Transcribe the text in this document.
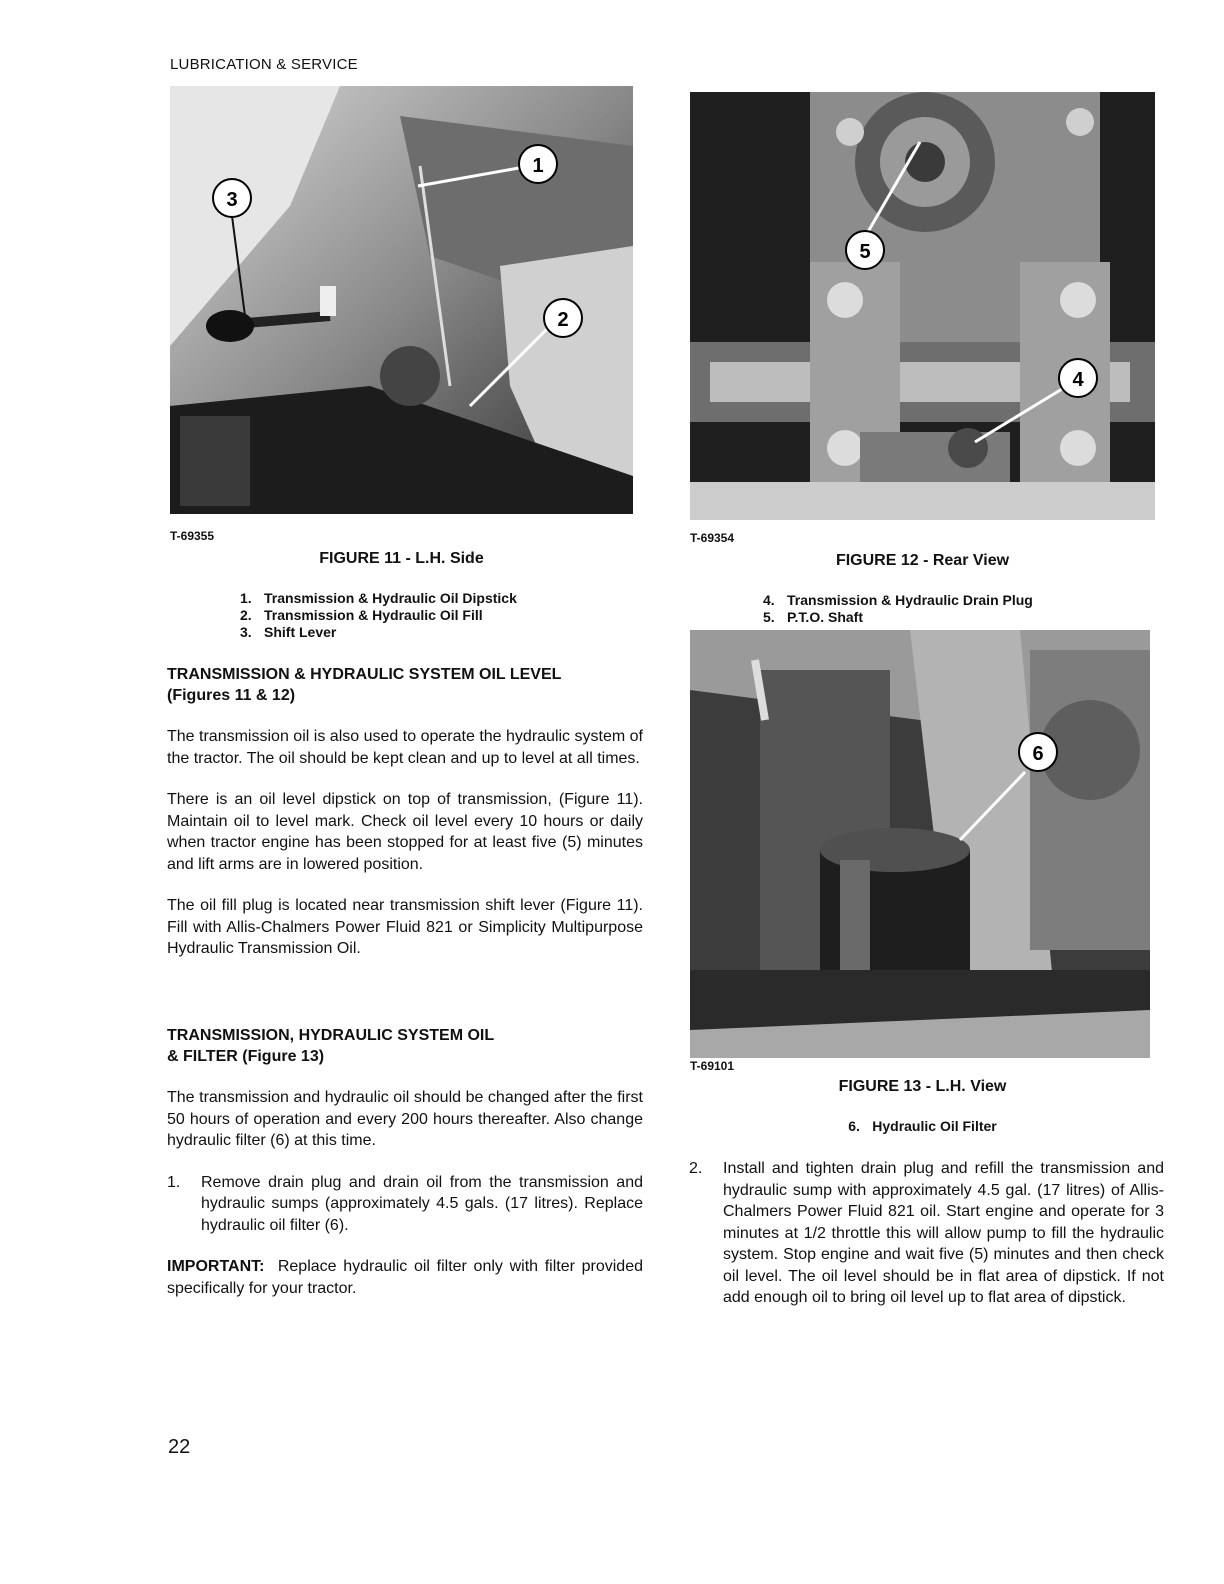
LUBRICATION & SERVICE
1
2
3
T-69355
FIGURE 11 - L.H. Side
1. Transmission & Hydraulic Oil Dipstick
2. Transmission & Hydraulic Oil Fill
3. Shift Lever
TRANSMISSION & HYDRAULIC SYSTEM OIL LEVEL
(Figures 11 & 12)

The transmission oil is also used to operate the hydraulic system of the tractor. The oil should be kept clean and up to level at all times.

There is an oil level dipstick on top of transmission, (Figure 11). Maintain oil to level mark. Check oil level every 10 hours or daily when tractor engine has been stopped for at least five (5) minutes and lift arms are in lowered position.

The oil fill plug is located near transmission shift lever (Figure 11). Fill with Allis-Chalmers Power Fluid 821 or Simplicity Multipurpose Hydraulic Transmission Oil.

TRANSMISSION, HYDRAULIC SYSTEM OIL
& FILTER (Figure 13)

The transmission and hydraulic oil should be changed after the first 50 hours of operation and every 200 hours thereafter. Also change hydraulic filter (6) at this time.

1.	Remove drain plug and drain oil from the transmission and hydraulic sumps (approximately 4.5 gals. (17 litres). Replace hydraulic oil filter (6).

IMPORTANT: Replace hydraulic oil filter only with filter provided specifically for your tractor.

5
4
T-69354
FIGURE 12 - Rear View
4. Transmission & Hydraulic Drain Plug
5. P.T.O. Shaft
6
T-69101
FIGURE 13 - L.H. View
6. Hydraulic Oil Filter
2.	Install and tighten drain plug and refill the transmission and hydraulic sump with approximately 4.5 gal. (17 litres) of Allis-Chalmers Power Fluid 821 oil. Start engine and operate for 3 minutes at 1/2 throttle this will allow pump to fill the hydraulic system. Stop engine and wait five (5) minutes and then check oil level. The oil level should be in flat area of dipstick. If not add enough oil to bring oil level up to flat area of dipstick.
22
